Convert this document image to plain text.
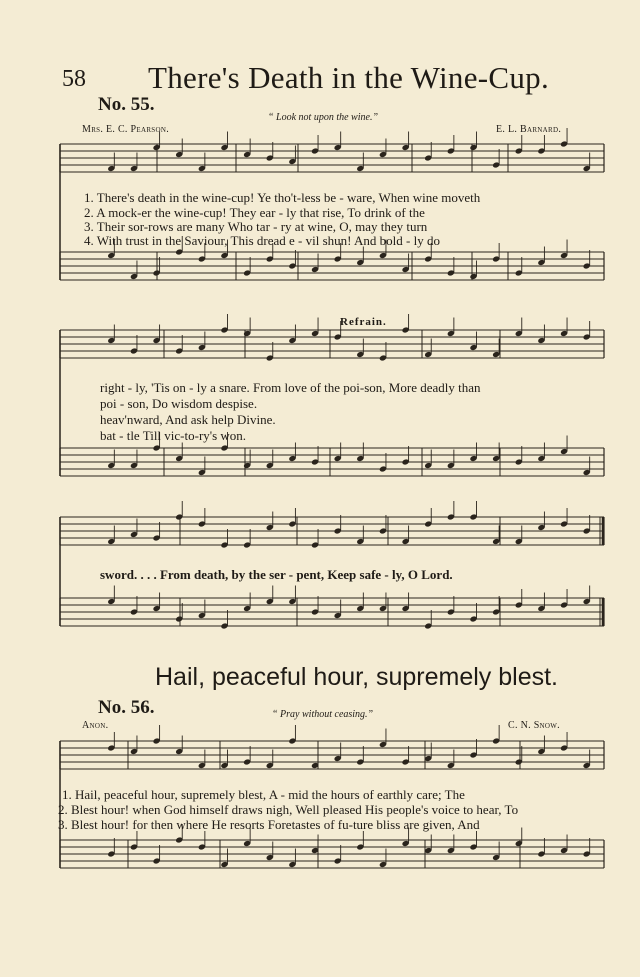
58 There's Death in the Wine-Cup.
No. 55.
“ Look not upon the wine.”
Mrs. E. C. Pearson.	E. L. Barnard.
1. There's death in the wine-cup! Ye tho't-less be - ware, When wine moveth
2. A mock-er the wine-cup! They ear - ly that rise, To drink of the
3. Their sor-rows are many Who tar - ry at wine, O, may they turn
4. With trust in the Saviour, This dread e - vil shun! And bold - ly do
Refrain.
right - ly, 'Tis on - ly a snare. From love of the poi-son, More deadly than
poi - son, Do wisdom despise.
heav'nward, And ask help Divine.
bat - tle Till vic-to-ry's won.
sword. . . . From death, by the ser - pent, Keep safe - ly, O Lord.
Hail, peaceful hour, supremely blest.
No. 56.	“ Pray without ceasing.”
Anon.	C. N. Snow.
1. Hail, peaceful hour, supremely blest, A - mid the hours of earthly care; The
2. Blest hour! when God himself draws nigh, Well pleased His people's voice to hear, To
3. Blest hour! for then where He resorts Foretastes of fu-ture bliss are given, And
